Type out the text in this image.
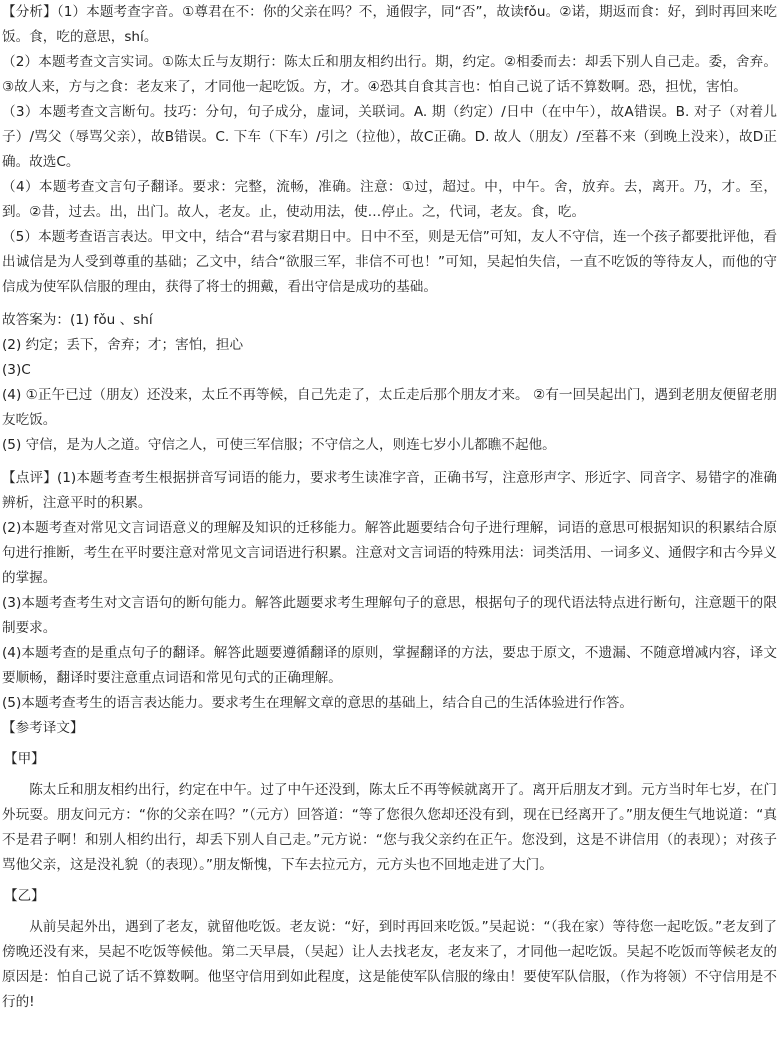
【分析】（1）本题考查字音。①尊君在不：你的父亲在吗？不，通假字，同“否”，故读fǒu。②诺，期返而食：好，到时再回来吃饭。食，吃的意思，shí。

（2）本题考查文言实词。①陈太丘与友期行：陈太丘和朋友相约出行。期，约定。②相委而去：却丢下别人自己走。委，舍弃。③故人来，方与之食：老友来了，才同他一起吃饭。方，才。④恐其自食其言也：怕自己说了话不算数啊。恐，担忧，害怕。

（3）本题考查文言断句。技巧：分句，句子成分，虚词，关联词。A. 期（约定）/日中（在中午），故A错误。B. 对子（对着儿子）/骂父（辱骂父亲），故B错误。C. 下车（下车）/引之（拉他），故C正确。D. 故人（朋友）/至暮不来（到晚上没来），故D正确。故选C。

（4）本题考查文言句子翻译。要求：完整，流畅，准确。注意：①过，超过。中，中午。舍，放弃。去，离开。乃，才。至，到。②昔，过去。出，出门。故人，老友。止，使动用法，使…停止。之，代词，老友。食，吃。

（5）本题考查语言表达。甲文中，结合“君与家君期日中。日中不至，则是无信”可知，友人不守信，连一个孩子都要批评他，看出诚信是为人受到尊重的基础；乙文中，结合“欲服三军，非信不可也！”可知，吴起怕失信，一直不吃饭的等待友人，而他的守信成为使军队信服的理由，获得了将士的拥戴，看出守信是成功的基础。

故答案为：(1) fǒu 、shí

(2) 约定；丢下，舍弃；才；害怕，担心

(3)C

(4) ①正午已过（朋友）还没来，太丘不再等候，自己先走了，太丘走后那个朋友才来。 ②有一回吴起出门，遇到老朋友便留老朋友吃饭。

(5) 守信，是为人之道。守信之人，可使三军信服；不守信之人，则连七岁小儿都瞧不起他。

【点评】(1)本题考查考生根据拼音写词语的能力，要求考生读准字音，正确书写，注意形声字、形近字、同音字、易错字的准确辨析，注意平时的积累。

(2)本题考查对常见文言词语意义的理解及知识的迁移能力。解答此题要结合句子进行理解，词语的意思可根据知识的积累结合原句进行推断，考生在平时要注意对常见文言词语进行积累。注意对文言词语的特殊用法：词类活用、一词多义、通假字和古今异义的掌握。

(3)本题考查考生对文言语句的断句能力。解答此题要求考生理解句子的意思，根据句子的现代语法特点进行断句，注意题干的限制要求。

(4)本题考查的是重点句子的翻译。解答此题要遵循翻译的原则，掌握翻译的方法，要忠于原文，不遗漏、不随意增减内容，译文要顺畅，翻译时要注意重点词语和常见句式的正确理解。

(5)本题考查考生的语言表达能力。要求考生在理解文章的意思的基础上，结合自己的生活体验进行作答。

【参考译文】

【甲】

陈太丘和朋友相约出行，约定在中午。过了中午还没到，陈太丘不再等候就离开了。离开后朋友才到。元方当时年七岁，在门外玩耍。朋友问元方：“你的父亲在吗？”（元方）回答道：“等了您很久您却还没有到，现在已经离开了。”朋友便生气地说道：“真不是君子啊！和别人相约出行，却丢下别人自己走。”元方说：“您与我父亲约在正午。您没到，这是不讲信用（的表现）；对孩子骂他父亲，这是没礼貌（的表现）。”朋友惭愧，下车去拉元方，元方头也不回地走进了大门。

【乙】

从前吴起外出，遇到了老友，就留他吃饭。老友说：“好，到时再回来吃饭。”吴起说：“（我在家）等待您一起吃饭。”老友到了傍晚还没有来，吴起不吃饭等候他。第二天早晨，（吴起）让人去找老友，老友来了，才同他一起吃饭。吴起不吃饭而等候老友的原因是：怕自己说了话不算数啊。他坚守信用到如此程度，这是能使军队信服的缘由！要使军队信服，（作为将领）不守信用是不行的!
